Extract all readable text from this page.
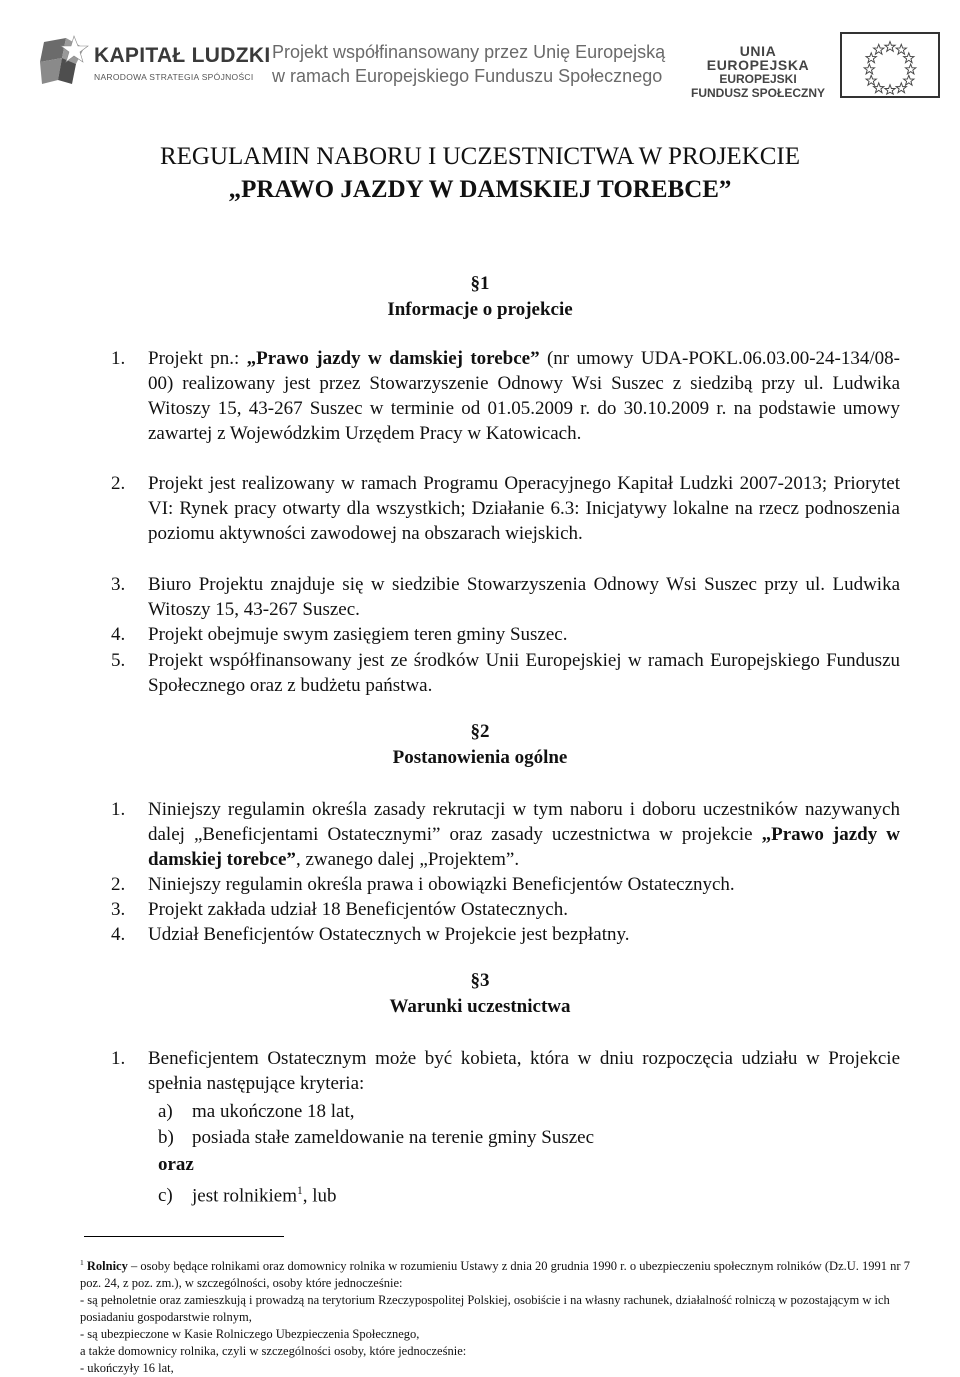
KAPITAŁ LUDZKI
NARODOWA STRATEGIA SPÓJNOŚCI
Projekt współfinansowany przez Unię Europejską
w ramach Europejskiego Funduszu Społecznego
UNIA EUROPEJSKA
EUROPEJSKI
FUNDUSZ SPOŁECZNY
REGULAMIN NABORU I UCZESTNICTWA W PROJEKCIE
„PRAWO JAZDY W DAMSKIEJ TOREBCE”
§1
Informacje o projekcie
1. Projekt pn.: „Prawo jazdy w damskiej torebce” (nr umowy UDA-POKL.06.03.00-24-134/08-00) realizowany jest przez Stowarzyszenie Odnowy Wsi Suszec z siedzibą przy ul. Ludwika Witoszy 15, 43-267 Suszec w terminie od 01.05.2009 r. do 30.10.2009 r. na podstawie umowy zawartej z Wojewódzkim Urzędem Pracy w Katowicach.
2. Projekt jest realizowany w ramach Programu Operacyjnego Kapitał Ludzki 2007-2013; Priorytet VI: Rynek pracy otwarty dla wszystkich; Działanie 6.3: Inicjatywy lokalne na rzecz podnoszenia poziomu aktywności zawodowej na obszarach wiejskich.
3. Biuro Projektu znajduje się w siedzibie Stowarzyszenia Odnowy Wsi Suszec przy ul. Ludwika Witoszy 15, 43-267 Suszec.
4. Projekt obejmuje swym zasięgiem teren gminy Suszec.
5. Projekt współfinansowany jest ze środków Unii Europejskiej w ramach Europejskiego Funduszu Społecznego oraz z budżetu państwa.
§2
Postanowienia ogólne
1. Niniejszy regulamin określa zasady rekrutacji w tym naboru i doboru uczestników nazywanych dalej „Beneficjentami Ostatecznymi” oraz zasady uczestnictwa w projekcie „Prawo jazdy w damskiej torebce”, zwanego dalej „Projektem”.
2. Niniejszy regulamin określa prawa i obowiązki Beneficjentów Ostatecznych.
3. Projekt zakłada udział 18 Beneficjentów Ostatecznych.
4. Udział Beneficjentów Ostatecznych w Projekcie jest bezpłatny.
§3
Warunki uczestnictwa
1. Beneficjentem Ostatecznym może być kobieta, która w dniu rozpoczęcia udziału w Projekcie spełnia następujące kryteria:
a) ma ukończone 18 lat,
b) posiada stałe zameldowanie na terenie gminy Suszec
oraz
c) jest rolnikiem$^1$, lub

$^1$ Rolnicy – osoby będące rolnikami oraz domownicy rolnika w rozumieniu Ustawy z dnia 20 grudnia 1990 r. o ubezpieczeniu społecznym rolników (Dz.U. 1991 nr 7 poz. 24, z poz. zm.), w szczególności, osoby które jednocześnie:

- są pełnoletnie oraz zamieszkują i prowadzą na terytorium Rzeczypospolitej Polskiej, osobiście i na własny rachunek, działalność rolniczą w pozostającym w ich posiadaniu gospodarstwie rolnym,

- są ubezpieczone w Kasie Rolniczego Ubezpieczenia Społecznego,

a także domownicy rolnika, czyli w szczególności osoby, które jednocześnie:

- ukończyły 16 lat,
